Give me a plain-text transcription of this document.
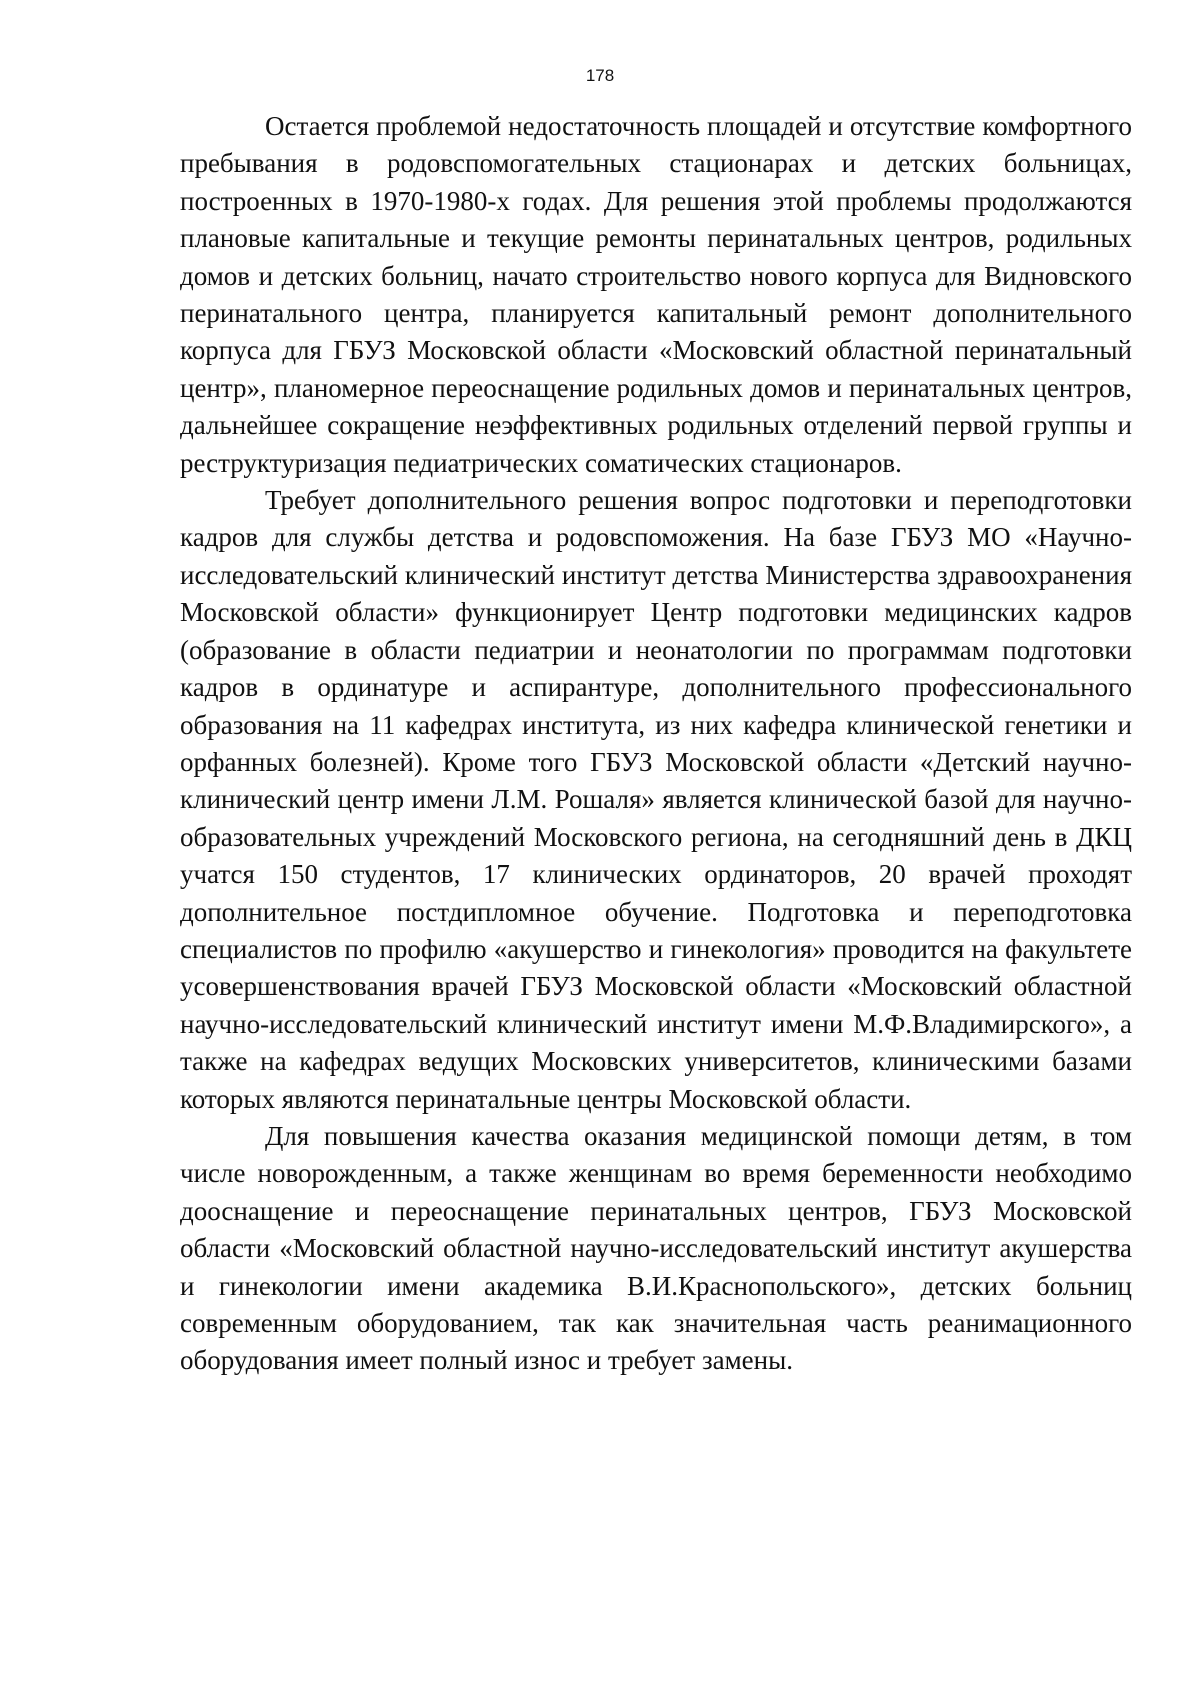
178

Остается проблемой недостаточность площадей и отсутствие комфортного пребывания в родовспомогательных стационарах и детских больницах, построенных в 1970-1980-х годах. Для решения этой проблемы продолжаются плановые капитальные и текущие ремонты перинатальных центров, родильных домов и детских больниц, начато строительство нового корпуса для Видновского перинатального центра, планируется капитальный ремонт дополнительного корпуса для ГБУЗ Московской области «Московский областной перинатальный центр», планомерное переоснащение родильных домов и перинатальных центров, дальнейшее сокращение неэффективных родильных отделений первой группы и реструктуризация педиатрических соматических стационаров.

Требует дополнительного решения вопрос подготовки и переподготовки кадров для службы детства и родовспоможения. На базе ГБУЗ МО «Научно-исследовательский клинический институт детства Министерства здравоохранения Московской области» функционирует Центр подготовки медицинских кадров (образование в области педиатрии и неонатологии по программам подготовки кадров в ординатуре и аспирантуре, дополнительного профессионального образования на 11 кафедрах института, из них кафедра клинической генетики и орфанных болезней). Кроме того ГБУЗ Московской области «Детский научно-клинический центр имени Л.М. Рошаля» является клинической базой для научно-образовательных учреждений Московского региона, на сегодняшний день в ДКЦ учатся 150 студентов, 17 клинических ординаторов, 20 врачей проходят дополнительное постдипломное обучение. Подготовка и переподготовка специалистов по профилю «акушерство и гинекология» проводится на факультете усовершенствования врачей ГБУЗ Московской области «Московский областной научно-исследовательский клинический институт имени М.Ф.Владимирского», а также на кафедрах ведущих Московских университетов, клиническими базами которых являются перинатальные центры Московской области.

Для повышения качества оказания медицинской помощи детям, в том числе новорожденным, а также женщинам во время беременности необходимо дооснащение и переоснащение перинатальных центров, ГБУЗ Московской области «Московский областной научно-исследовательский институт акушерства и гинекологии имени академика В.И.Краснопольского», детских больниц современным оборудованием, так как значительная часть реанимационного оборудования имеет полный износ и требует замены.
